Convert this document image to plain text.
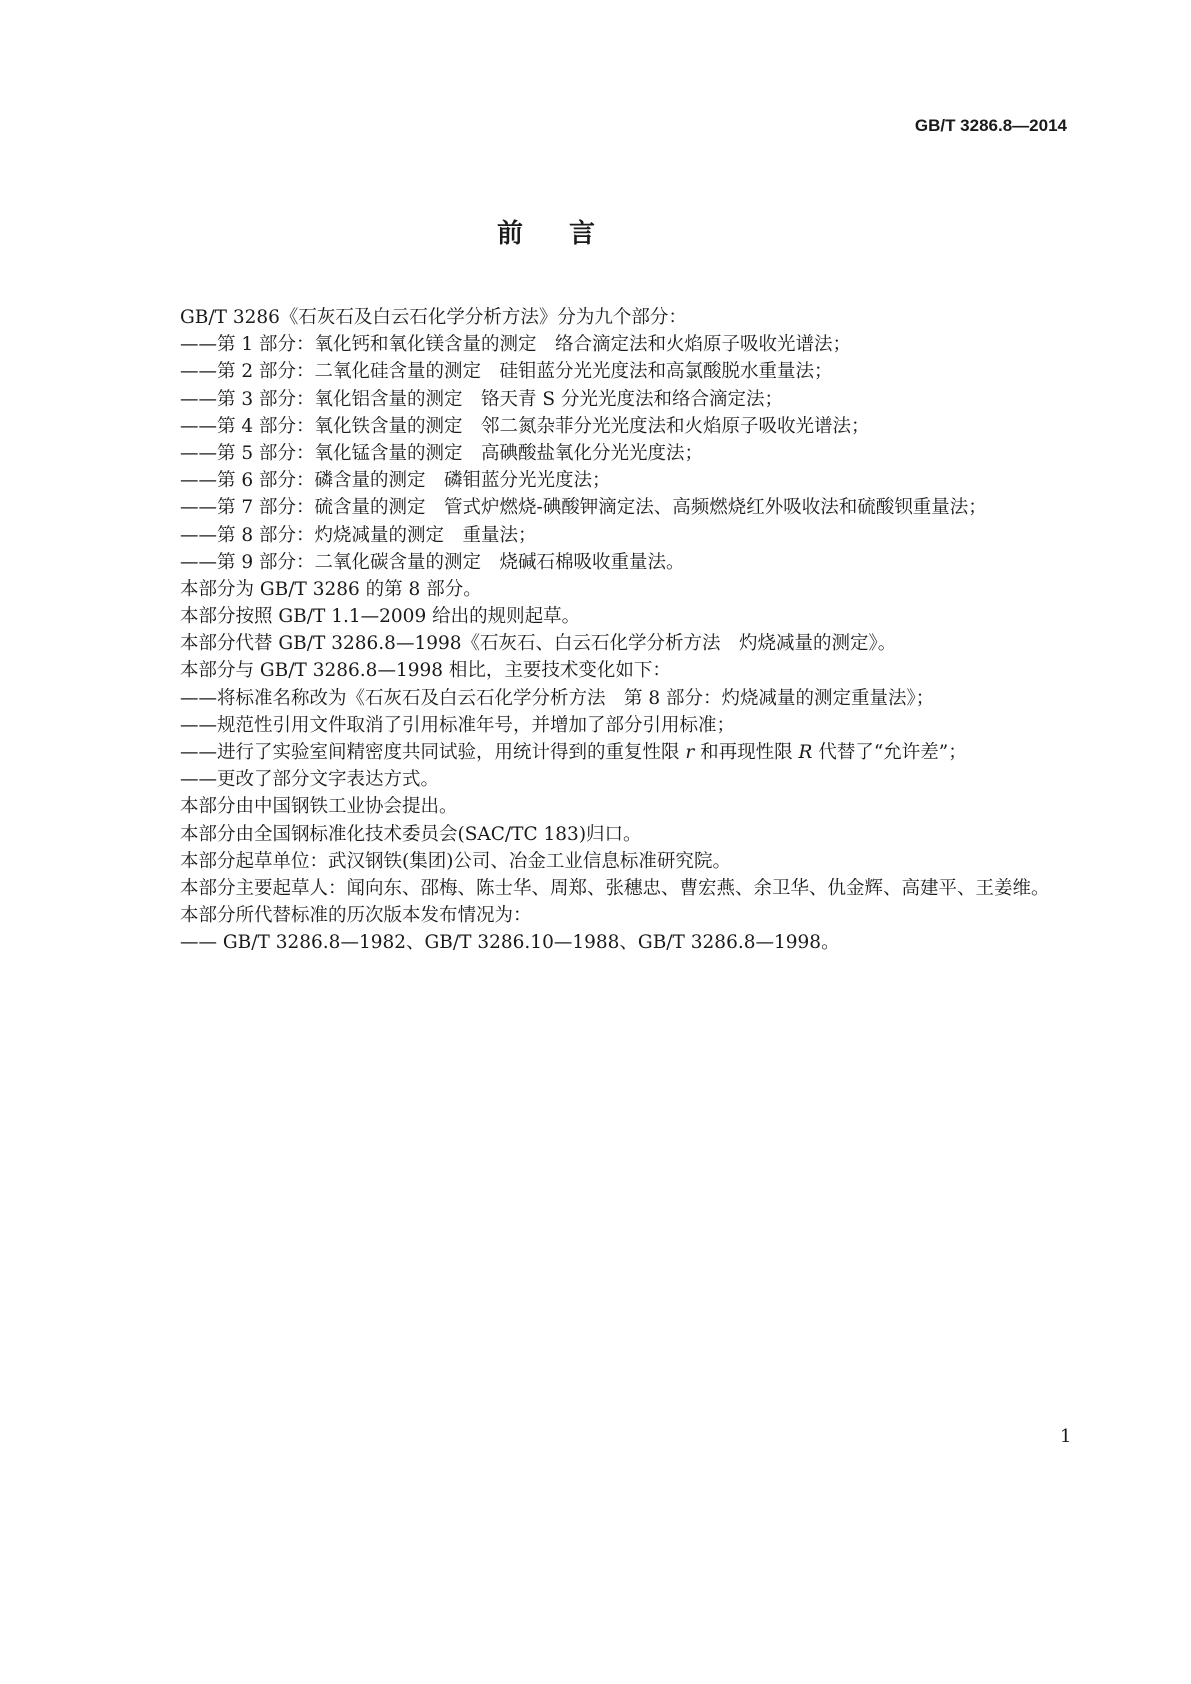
GB/T 3286.8—2014
前　言
GB/T 3286《石灰石及白云石化学分析方法》分为九个部分：
——第 1 部分：氧化钙和氧化镁含量的测定　络合滴定法和火焰原子吸收光谱法；
——第 2 部分：二氧化硅含量的测定　硅钼蓝分光光度法和高氯酸脱水重量法；
——第 3 部分：氧化铝含量的测定　铬天青 S 分光光度法和络合滴定法；
——第 4 部分：氧化铁含量的测定　邻二氮杂菲分光光度法和火焰原子吸收光谱法；
——第 5 部分：氧化锰含量的测定　高碘酸盐氧化分光光度法；
——第 6 部分：磷含量的测定　磷钼蓝分光光度法；
——第 7 部分：硫含量的测定　管式炉燃烧-碘酸钾滴定法、高频燃烧红外吸收法和硫酸钡重量法；
——第 8 部分：灼烧减量的测定　重量法；
——第 9 部分：二氧化碳含量的测定　烧碱石棉吸收重量法。
本部分为 GB/T 3286 的第 8 部分。
本部分按照 GB/T 1.1—2009 给出的规则起草。
本部分代替 GB/T 3286.8—1998《石灰石、白云石化学分析方法　灼烧减量的测定》。
本部分与 GB/T 3286.8—1998 相比，主要技术变化如下：
——将标准名称改为《石灰石及白云石化学分析方法　第 8 部分：灼烧减量的测定重量法》；
——规范性引用文件取消了引用标准年号，并增加了部分引用标准；
——进行了实验室间精密度共同试验，用统计得到的重复性限 r 和再现性限 R 代替了“允许差”；
——更改了部分文字表达方式。
本部分由中国钢铁工业协会提出。
本部分由全国钢标准化技术委员会(SAC/TC 183)归口。
本部分起草单位：武汉钢铁(集团)公司、冶金工业信息标准研究院。
本部分主要起草人：闻向东、邵梅、陈士华、周郑、张穗忠、曹宏燕、余卫华、仇金辉、高建平、王姜维。
本部分所代替标准的历次版本发布情况为：
—— GB/T 3286.8—1982、GB/T 3286.10—1988、GB/T 3286.8—1998。
1
